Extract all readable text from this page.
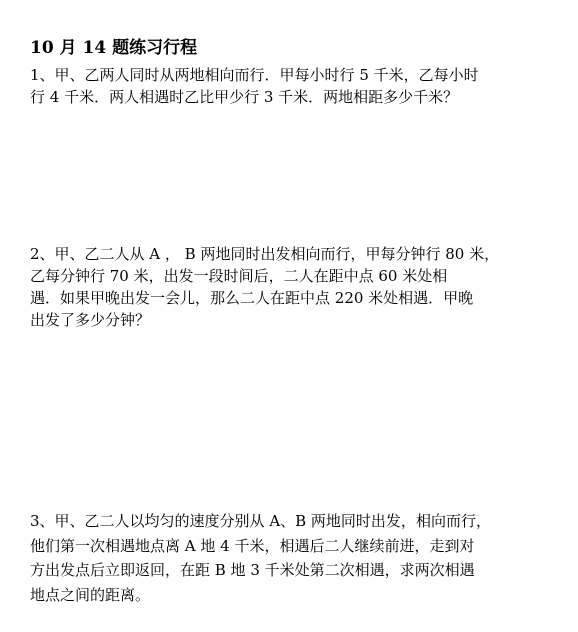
10 月 14 题练习行程
1、甲、乙两人同时从两地相向而行．甲每小时行 5 千米，乙每小时
行 4 千米．两人相遇时乙比甲少行 3 千米．两地相距多少千米？
2、甲、乙二人从 A ， B 两地同时出发相向而行，甲每分钟行 80 米，
乙每分钟行 70 米，出发一段时间后，二人在距中点 60 米处相
遇．如果甲晚出发一会儿，那么二人在距中点 220 米处相遇．甲晚
出发了多少分钟？
3、甲、乙二人以均匀的速度分别从 A、B 两地同时出发，相向而行，
他们第一次相遇地点离 A 地 4 千米，相遇后二人继续前进，走到对
方出发点后立即返回，在距 B 地 3 千米处第二次相遇，求两次相遇
地点之间的距离。
